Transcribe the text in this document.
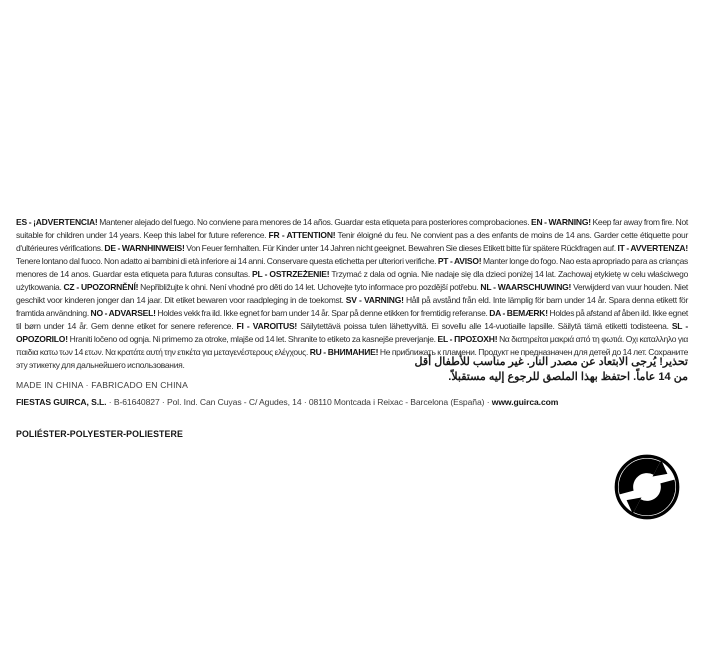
ES - ¡ADVERTENCIA! Mantener alejado del fuego. No conviene para menores de 14 años. Guardar esta etiqueta para posteriores comprobaciones. EN - WARNING! Keep far away from fire. Not suitable for children under 14 years. Keep this label for future reference. FR - ATTENTION! Tenir éloigné du feu. Ne convient pas a des enfants de moins de 14 ans. Garder cette étiquette pour d'ultérieures vérifications. DE - WARNHINWEIS! Von Feuer fernhalten. Für Kinder unter 14 Jahren nicht geeignet. Bewahren Sie dieses Etikett bitte für spätere Rückfragen auf. IT - AVVERTENZA! Tenere lontano dal fuoco. Non adatto ai bambini di età inferiore ai 14 anni. Conservare questa etichetta per ulteriori verifiche. PT - AVISO! Manter longe do fogo. Nao esta apropriado para as crianças menores de 14 anos. Guardar esta etiqueta para futuras consultas. PL - OSTRZEŻENIE! Trzymać z dala od ognia. Nie nadaje się dla dzieci poniżej 14 lat. Zachowaj etykietę w celu właściwego użytkowania. CZ - UPOZORNĚNÍ! Nepřibližujte k ohni. Není vhodné pro děti do 14 let. Uchovejte tyto informace pro pozdější potřebu. NL - WAARSCHUWING! Verwijderd van vuur houden. Niet geschikt voor kinderen jonger dan 14 jaar. Dit etiket bewaren voor raadpleging in de toekomst. SV - VARNING! Håll på avstånd från eld. Inte lämplig för barn under 14 år. Spara denna etikett för framtida användning. NO - ADVARSEL! Holdes vekk fra ild. Ikke egnet for barn under 14 år. Spar på denne etikken for fremtidig referanse. DA - BEMÆRK! Holdes på afstand af åben ild. Ikke egnet til børn under 14 år. Gem denne etiket for senere reference. FI - VAROITUS! Säilytettävä poissa tulen lähettyviltä. Ei sovellu alle 14-vuotiaille lapsille. Säilytä tämä etiketti todisteena. SL - OPOZORILO! Hraniti ločeno od ognja. Ni primemo za otroke, mlajše od 14 let. Shranite to etiketo za kasnejše preverjanje. EL - ΠΡΟΣΟΧΗ! Να διατηρείται μακριά από τη φωτιά. Οχι καταλληλο για παιδια κατω των 14 ετων. Να κρατάτε αυτή την ετικέτα για μεταγενέστερους ελέγχους. RU - ВНИМАНИЕ! Не приближать к пламени. Продукт не предназначен для детей до 14 лет. Сохраните эту этикетку для дальнейшего использования.	تحذير! يُرجى الابتعاد عن مصدر النار. غير مناسب للأطفال أقل
من 14 عاماً. احتفظ بهذا الملصق للرجوع إليه مستقبلاً.
MADE IN CHINA · FABRICADO EN CHINA
FIESTAS GUIRCA, S.L. · B-61640827 · Pol. Ind. Can Cuyas - C/ Agudes, 14 · 08110 Montcada i Reixac - Barcelona (España) · www.guirca.com
POLIÉSTER-POLYESTER-POLIESTERE
